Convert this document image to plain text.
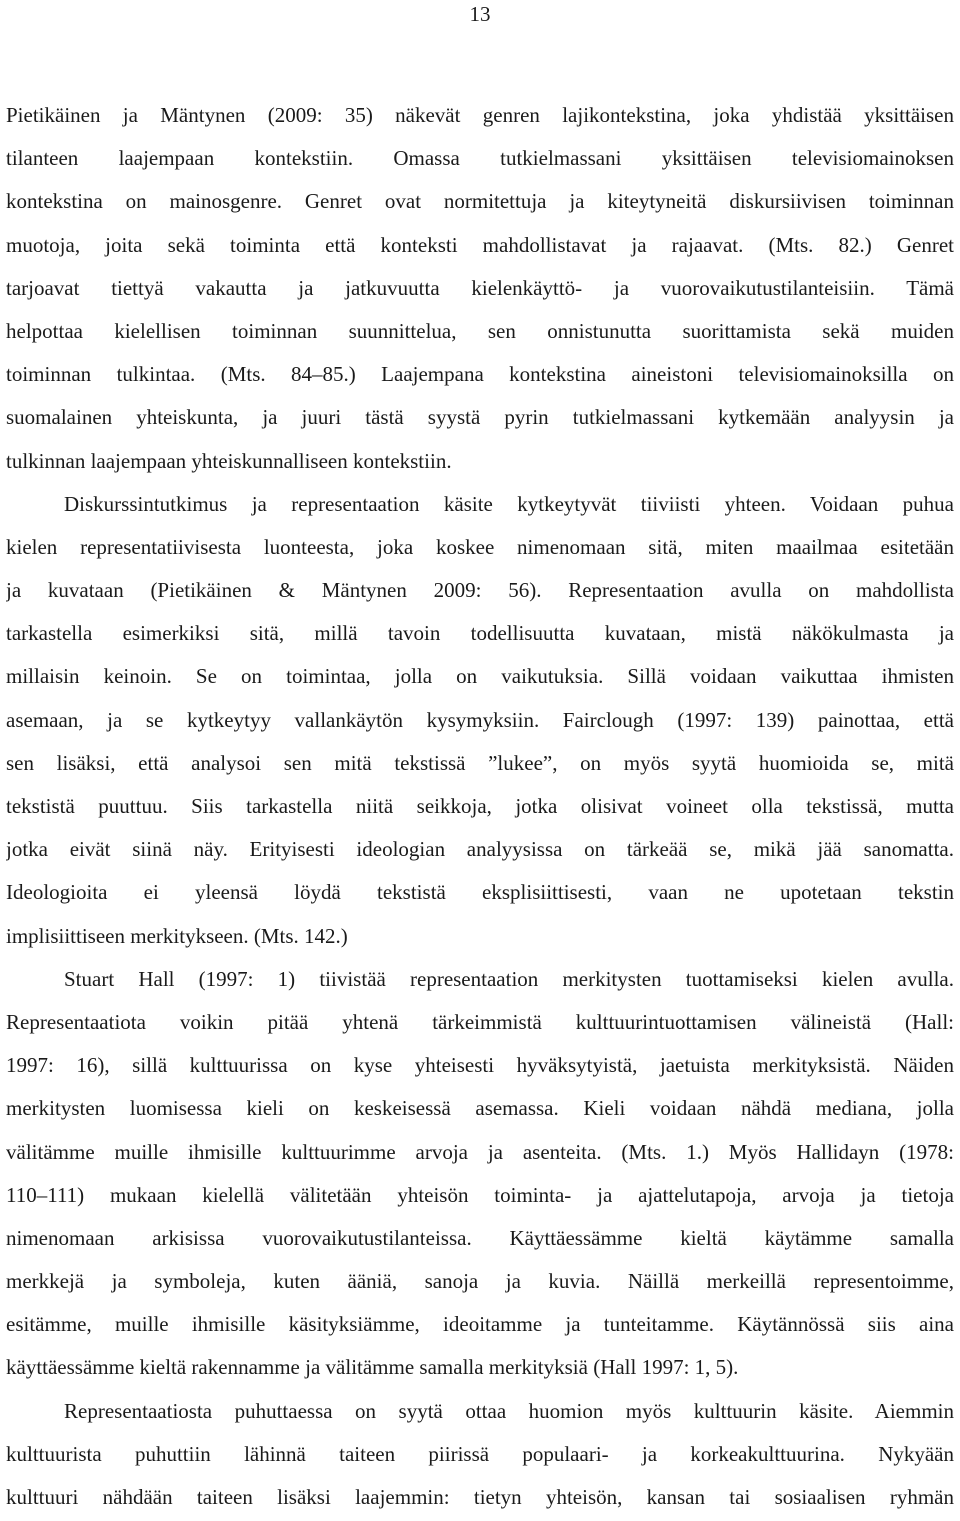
13
Pietikäinen ja Mäntynen (2009: 35) näkevät genren lajikontekstina, joka yhdistää yksittäisen
tilanteen laajempaan kontekstiin. Omassa tutkielmassani yksittäisen televisiomainoksen
kontekstina on mainosgenre. Genret ovat normitettuja ja kiteytyneitä diskursiivisen toiminnan
muotoja, joita sekä toiminta että konteksti mahdollistavat ja rajaavat. (Mts. 82.) Genret
tarjoavat tiettyä vakautta ja jatkuvuutta kielenkäyttö- ja vuorovaikutustilanteisiin. Tämä
helpottaa kielellisen toiminnan suunnittelua, sen onnistunutta suorittamista sekä muiden
toiminnan tulkintaa. (Mts. 84–85.) Laajempana kontekstina aineistoni televisiomainoksilla on
suomalainen yhteiskunta, ja juuri tästä syystä pyrin tutkielmassani kytkemään analyysin ja
tulkinnan laajempaan yhteiskunnalliseen kontekstiin.
Diskurssintutkimus ja representaation käsite kytkeytyvät tiiviisti yhteen. Voidaan puhua
kielen representatiivisesta luonteesta, joka koskee nimenomaan sitä, miten maailmaa esitetään
ja kuvataan (Pietikäinen & Mäntynen 2009: 56). Representaation avulla on mahdollista
tarkastella esimerkiksi sitä, millä tavoin todellisuutta kuvataan, mistä näkökulmasta ja
millaisin keinoin. Se on toimintaa, jolla on vaikutuksia. Sillä voidaan vaikuttaa ihmisten
asemaan, ja se kytkeytyy vallankäytön kysymyksiin. Fairclough (1997: 139) painottaa, että
sen lisäksi, että analysoi sen mitä tekstissä ”lukee”, on myös syytä huomioida se, mitä
tekstistä puuttuu. Siis tarkastella niitä seikkoja, jotka olisivat voineet olla tekstissä, mutta
jotka eivät siinä näy. Erityisesti ideologian analyysissa on tärkeää se, mikä jää sanomatta.
Ideologioita ei yleensä löydä tekstistä eksplisiittisesti, vaan ne upotetaan tekstin
implisiittiseen merkitykseen. (Mts. 142.)
Stuart Hall (1997: 1) tiivistää representaation merkitysten tuottamiseksi kielen avulla.
Representaatiota voikin pitää yhtenä tärkeimmistä kulttuurintuottamisen välineistä (Hall:
1997: 16), sillä kulttuurissa on kyse yhteisesti hyväksytyistä, jaetuista merkityksistä. Näiden
merkitysten luomisessa kieli on keskeisessä asemassa. Kieli voidaan nähdä mediana, jolla
välitämme muille ihmisille kulttuurimme arvoja ja asenteita. (Mts. 1.) Myös Hallidayn (1978:
110–111) mukaan kielellä välitetään yhteisön toiminta- ja ajattelutapoja, arvoja ja tietoja
nimenomaan arkisissa vuorovaikutustilanteissa. Käyttäessämme kieltä käytämme samalla
merkkejä ja symboleja, kuten ääniä, sanoja ja kuvia. Näillä merkeillä representoimme,
esitämme, muille ihmisille käsityksiämme, ideoitamme ja tunteitamme. Käytännössä siis aina
käyttäessämme kieltä rakennamme ja välitämme samalla merkityksiä (Hall 1997: 1, 5).
Representaatiosta puhuttaessa on syytä ottaa huomion myös kulttuurin käsite. Aiemmin
kulttuurista puhuttiin lähinnä taiteen piirissä populaari- ja korkeakulttuurina. Nykyään
kulttuuri nähdään taiteen lisäksi laajemmin: tietyn yhteisön, kansan tai sosiaalisen ryhmän
